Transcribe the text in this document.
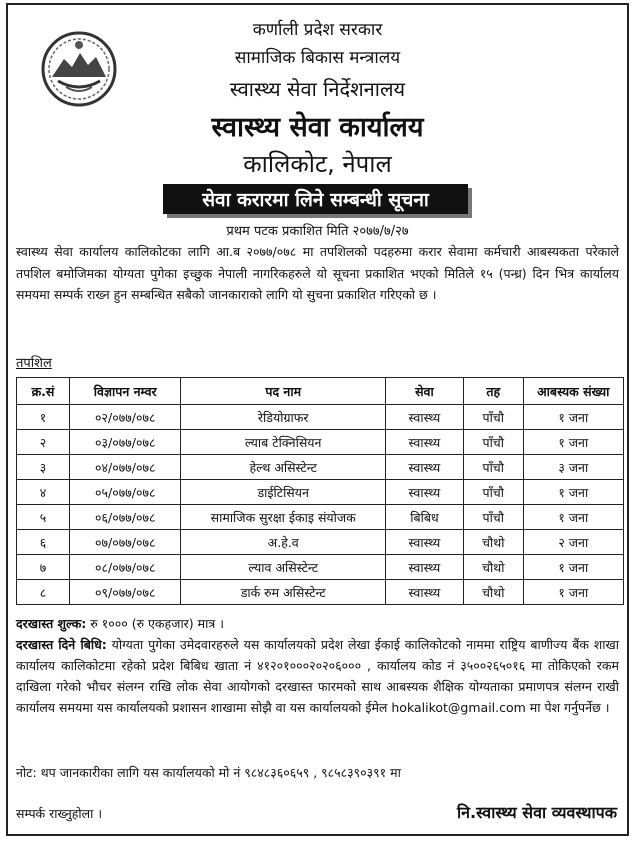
कर्णाली प्रदेश सरकार
सामाजिक बिकास मन्त्रालय
स्वास्थ्य सेवा निर्देशनालय
स्वास्थ्य सेवा कार्यालय
कालिकोट, नेपाल
सेवा करारमा लिने सम्बन्धी सूचना
प्रथम पटक प्रकाशित मिति २०७७/७/२७
स्वास्थ्य सेवा कार्यालय कालिकोटका लागि आ.ब २०७७/०७८ मा तपशिलको पदहरुमा करार सेवामा कर्मचारी आबस्यकता परेकाले तपशिल बमोजिमका योग्यता पुगेका इच्छुक नेपाली नागरिकहरुले यो सूचना प्रकाशित भएको मितिले १५ (पन्ध्र) दिन भित्र कार्यालय समयमा सम्पर्क राख्न हुन सम्बन्धित सबैको जानकाराको लागि यो सुचना प्रकाशित गरिएको छ ।
तपशिल
क्र.सं	विज्ञापन नम्वर	पद नाम	सेवा	तह	आबस्यक संख्या
१	०२/०७७/०७८	रेडियोग्राफर	स्वास्थ्य	पाँचौ	१ जना
२	०३/०७७/०७८	ल्याब टेक्निसियन	स्वास्थ्य	पाँचौ	१ जना
३	०४/०७७/०७८	हेल्थ असिस्टेन्ट	स्वास्थ्य	पाँचौ	३ जना
४	०५/०७७/०७८	डाईटिसियन	स्वास्थ्य	पाँचौ	१ जना
५	०६/०७७/०७८	सामाजिक सुरक्षा ईकाइ संयोजक	बिबिध	पाँचौ	१ जना
६	०७/०७७/०७८	अ.हे.व	स्वास्थ्य	चौथो	२ जना
७	०८/०७७/०७८	ल्याव असिस्टेन्ट	स्वास्थ्य	चौथो	१ जना
८	०९/०७७/०७८	डार्क रुम असिस्टेन्ट	स्वास्थ्य	चौथो	१ जना
दरखास्त शुल्क: रु १००० (रु एकहजार) मात्र ।
दरखास्त दिने बिधि: योग्यता पुगेका उमेदवारहरुले यस कार्यालयको प्रदेश लेखा ईकाई कालिकोटको नाममा राष्ट्रिय बाणीज्य बैंक शाखा कार्यालय कालिकोटमा रहेको प्रदेश बिबिध खाता नं ४१२०१०००२०२०६००० , कार्यालय कोड नं ३५००२६५०१६ मा तोकिएको रकम दाखिला गरेको भौचर संलग्न राखि लोक सेवा आयोगको दरखास्त फारमको साथ आबस्यक शैक्षिक योग्यताका प्रमाणपत्र संलग्न राखी कार्यालय समयमा यस कार्यालयको प्रशासन शाखामा सोझै वा यस कार्यालयको ईमेल hokalikot@gmail.com मा पेश गर्नुपर्नेछ ।
नोट: थप जानकारीका लागि यस कार्यालयको मो नं ९८४८३६०६५९ , ९८५८३९०३९१ मा
सम्पर्क राख्नुहोला ।	नि.स्वास्थ्य सेवा व्यवस्थापक
